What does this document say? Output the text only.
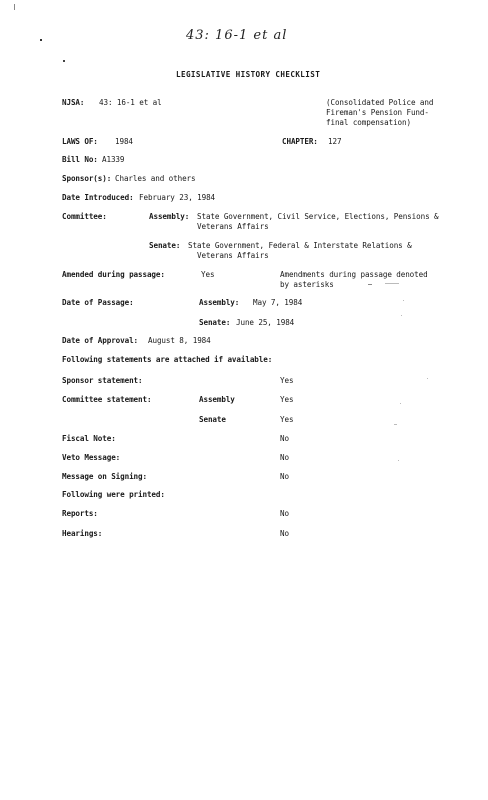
43: 16-1 et al
LEGISLATIVE HISTORY CHECKLIST
NJSA: 43: 16-1 et al	(Consolidated Police and
Fireman's Pension Fund-
final compensation)
LAWS OF: 1984	CHAPTER: 127
Bill No: A1339
Sponsor(s): Charles and others
Date Introduced: February 23, 1984
Committee:	Assembly: State Government, Civil Service, Elections, Pensions &
Veterans Affairs
Senate: State Government, Federal & Interstate Relations &
Veterans Affairs
Amended during passage:	Yes	Amendments during passage denoted
by asterisks
Date of Passage:	Assembly: May 7, 1984
Senate: June 25, 1984
Date of Approval: August 8, 1984
Following statements are attached if available:
Sponsor statement:	Yes
Committee statement:	Assembly	Yes
Senate	Yes
Fiscal Note:	No
Veto Message:	No
Message on Signing:	No
Following were printed:
Reports:	No
Hearings:	No
